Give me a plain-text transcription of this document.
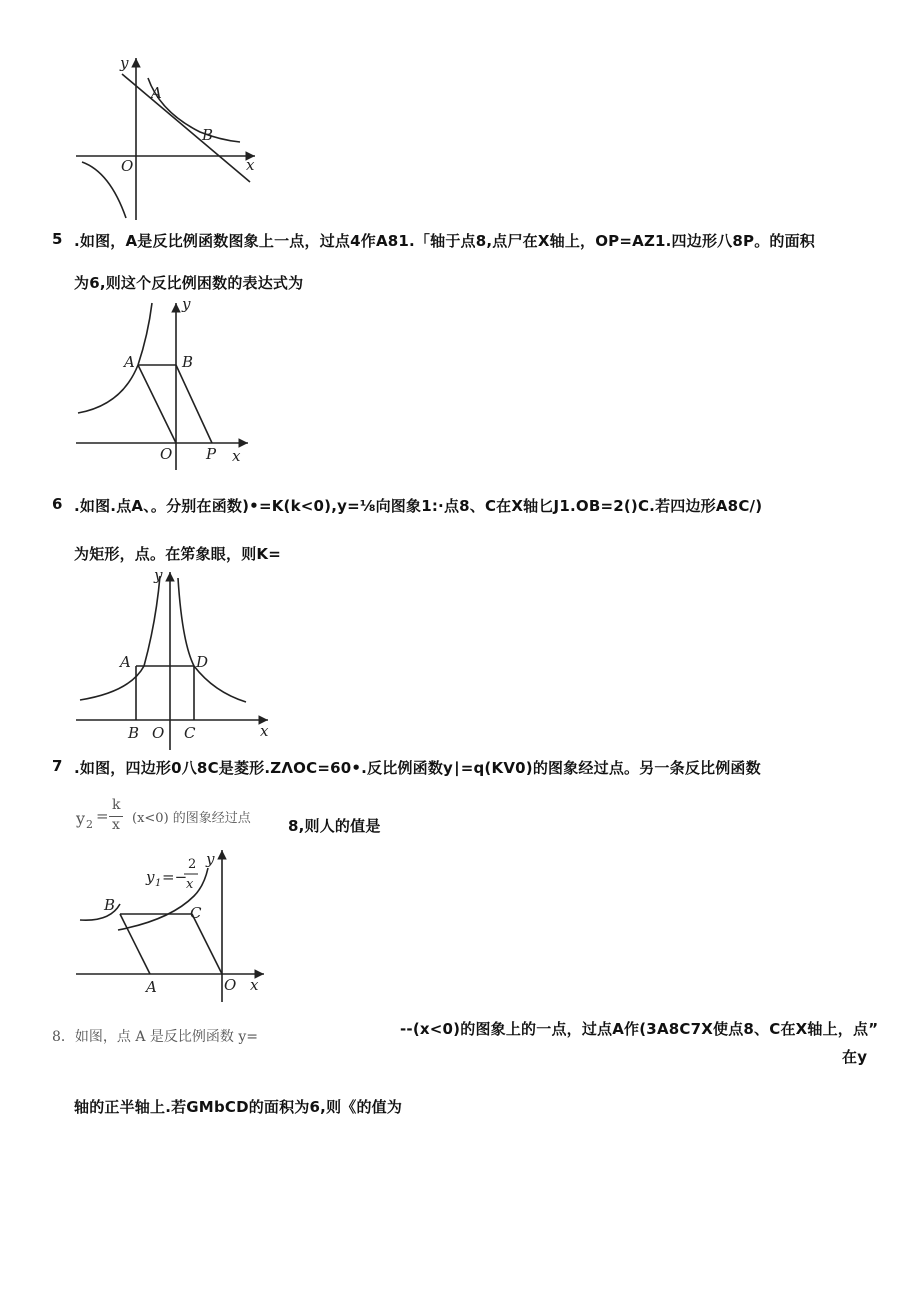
y
A
B
O	x
5 .如图，A是反比例函数图象上一点，过点4作A81.「轴于点8,点尸在X轴上，OP=AZ1.四边形八8P。的面积
为6,则这个反比例困数的表达式为
y
A	B
O P x
6 .如图.点A、。分别在函数)•=K(k<0),y=⅛向图象1:·点8、C在X轴匕J1.OB=2()C.若四边形A8C/)
为矩形，点。在笫象眼，则K=
y
A	D
B O C	x
7 .如图，四边形0八8C是菱形.ZΛOC=60•.反比例函数y∣=q(KV0)的图象经过点。另一条反比例函数
y 2 =
k
x (x<0) 的图象经过点 8,则人的值是
y 1 =−
2
x
y
B	C
A	O x
8．如图，点 A 是反比例函数 y=	--(x<0)的图象上的一点，过点A作(3A8C7X使点8、C在X轴上，点”
在y
轴的正半轴上.若GMbCD的面积为6,则《的值为
